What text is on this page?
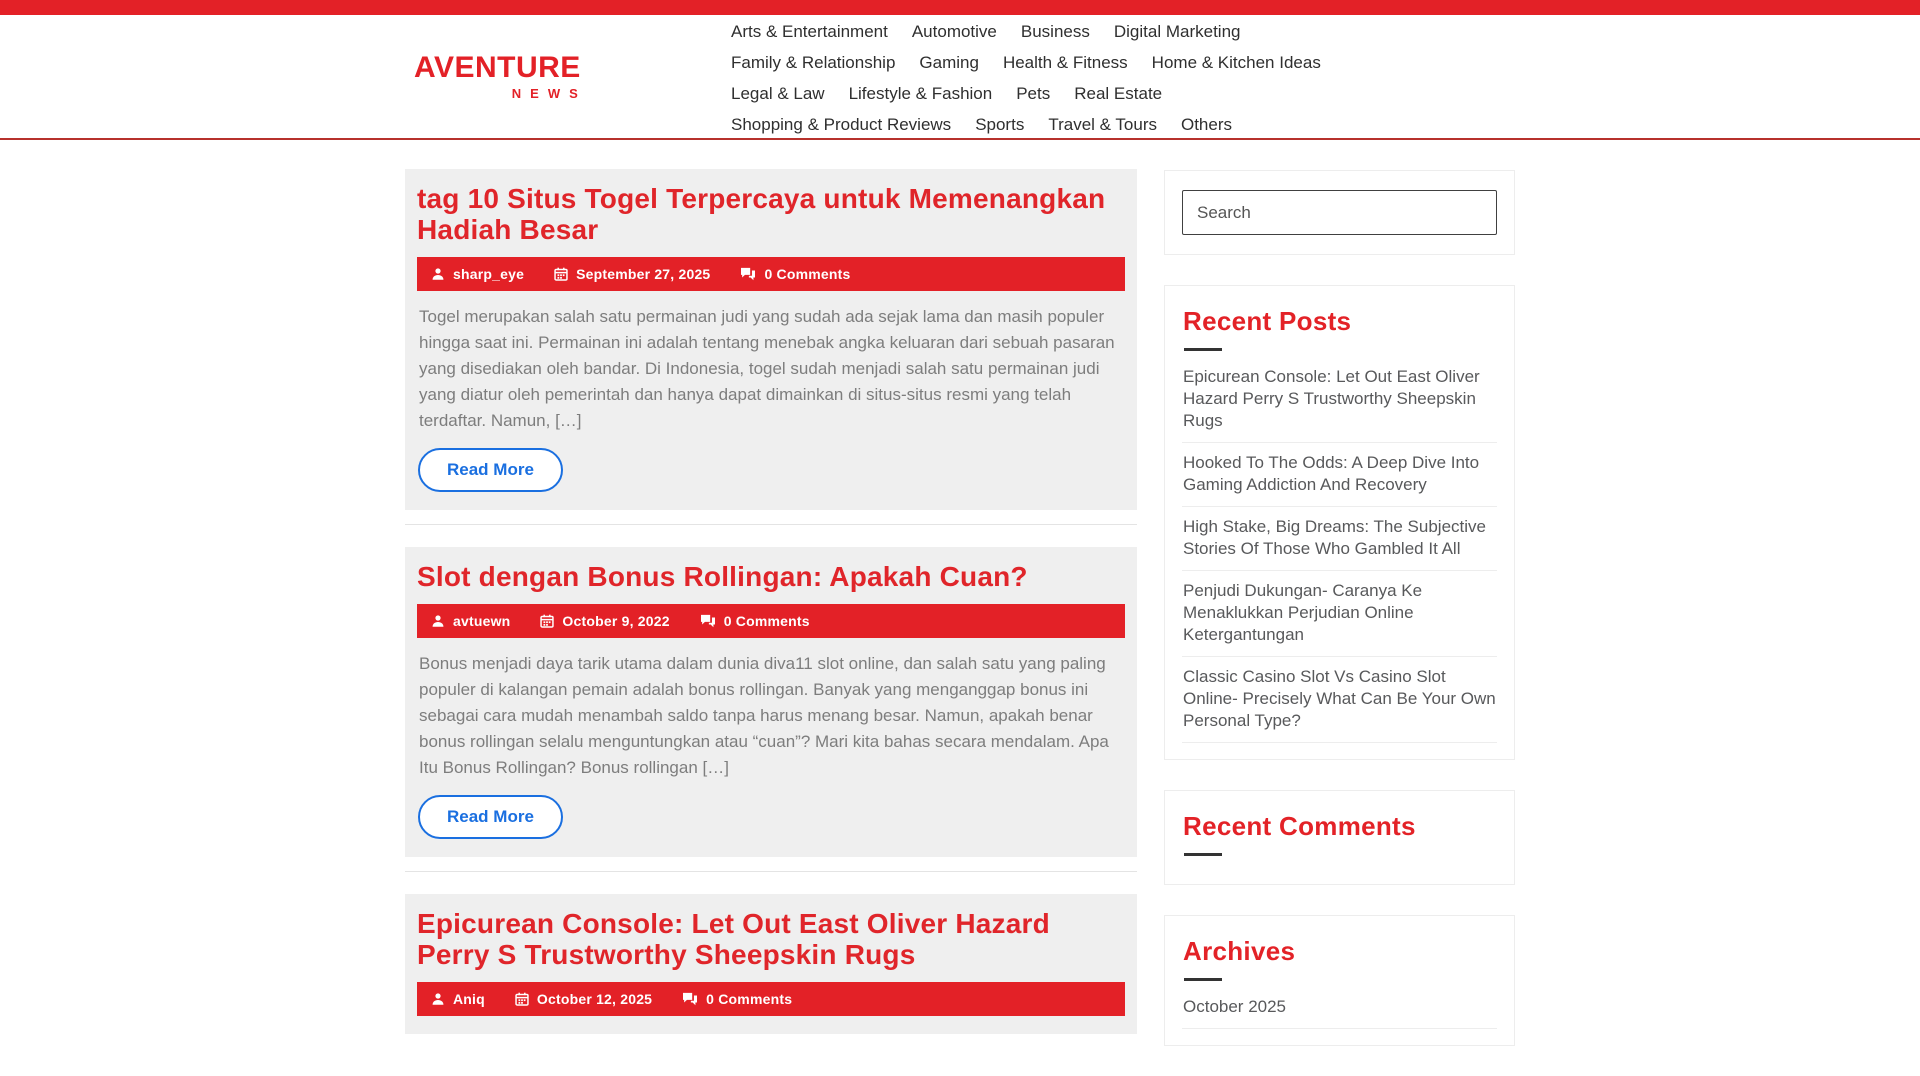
AVENTURE
NEWS
Arts & Entertainment Automotive Business Digital Marketing
Family & Relationship Gaming Health & Fitness Home & Kitchen Ideas
Legal & Law Lifestyle & Fashion Pets Real Estate
Shopping & Product Reviews Sports Travel & Tours Others
tag 10 Situs Togel Terpercaya untuk Memenangkan Hadiah Besar
sharp_eye	September 27, 2025	0 Comments

Togel merupakan salah satu permainan judi yang sudah ada sejak lama dan masih populer hingga saat ini. Permainan ini adalah tentang menebak angka keluaran dari sebuah pasaran yang disediakan oleh bandar. Di Indonesia, togel sudah menjadi salah satu permainan judi yang diatur oleh pemerintah dan hanya dapat dimainkan di situs-situs resmi yang telah terdaftar. Namun, […]

Read More
Slot dengan Bonus Rollingan: Apakah Cuan?
avtuewn	October 9, 2022	0 Comments

Bonus menjadi daya tarik utama dalam dunia diva11 slot online, dan salah satu yang paling populer di kalangan pemain adalah bonus rollingan. Banyak yang menganggap bonus ini sebagai cara mudah menambah saldo tanpa harus menang besar. Namun, apakah benar bonus rollingan selalu menguntungkan atau “cuan”? Mari kita bahas secara mendalam. Apa Itu Bonus Rollingan? Bonus rollingan […]

Read More
Epicurean Console: Let Out East Oliver Hazard Perry S Trustworthy Sheepskin Rugs
Aniq	October 12, 2025	0 Comments
Search
Recent Posts
Epicurean Console: Let Out East Oliver Hazard Perry S Trustworthy Sheepskin Rugs
Hooked To The Odds: A Deep Dive Into Gaming Addiction And Recovery
High Stake, Big Dreams: The Subjective Stories Of Those Who Gambled It All
Penjudi Dukungan- Caranya Ke Menaklukkan Perjudian Online Ketergantungan
Classic Casino Slot Vs Casino Slot Online- Precisely What Can Be Your Own Personal Type?
Recent Comments
Archives
October 2025
